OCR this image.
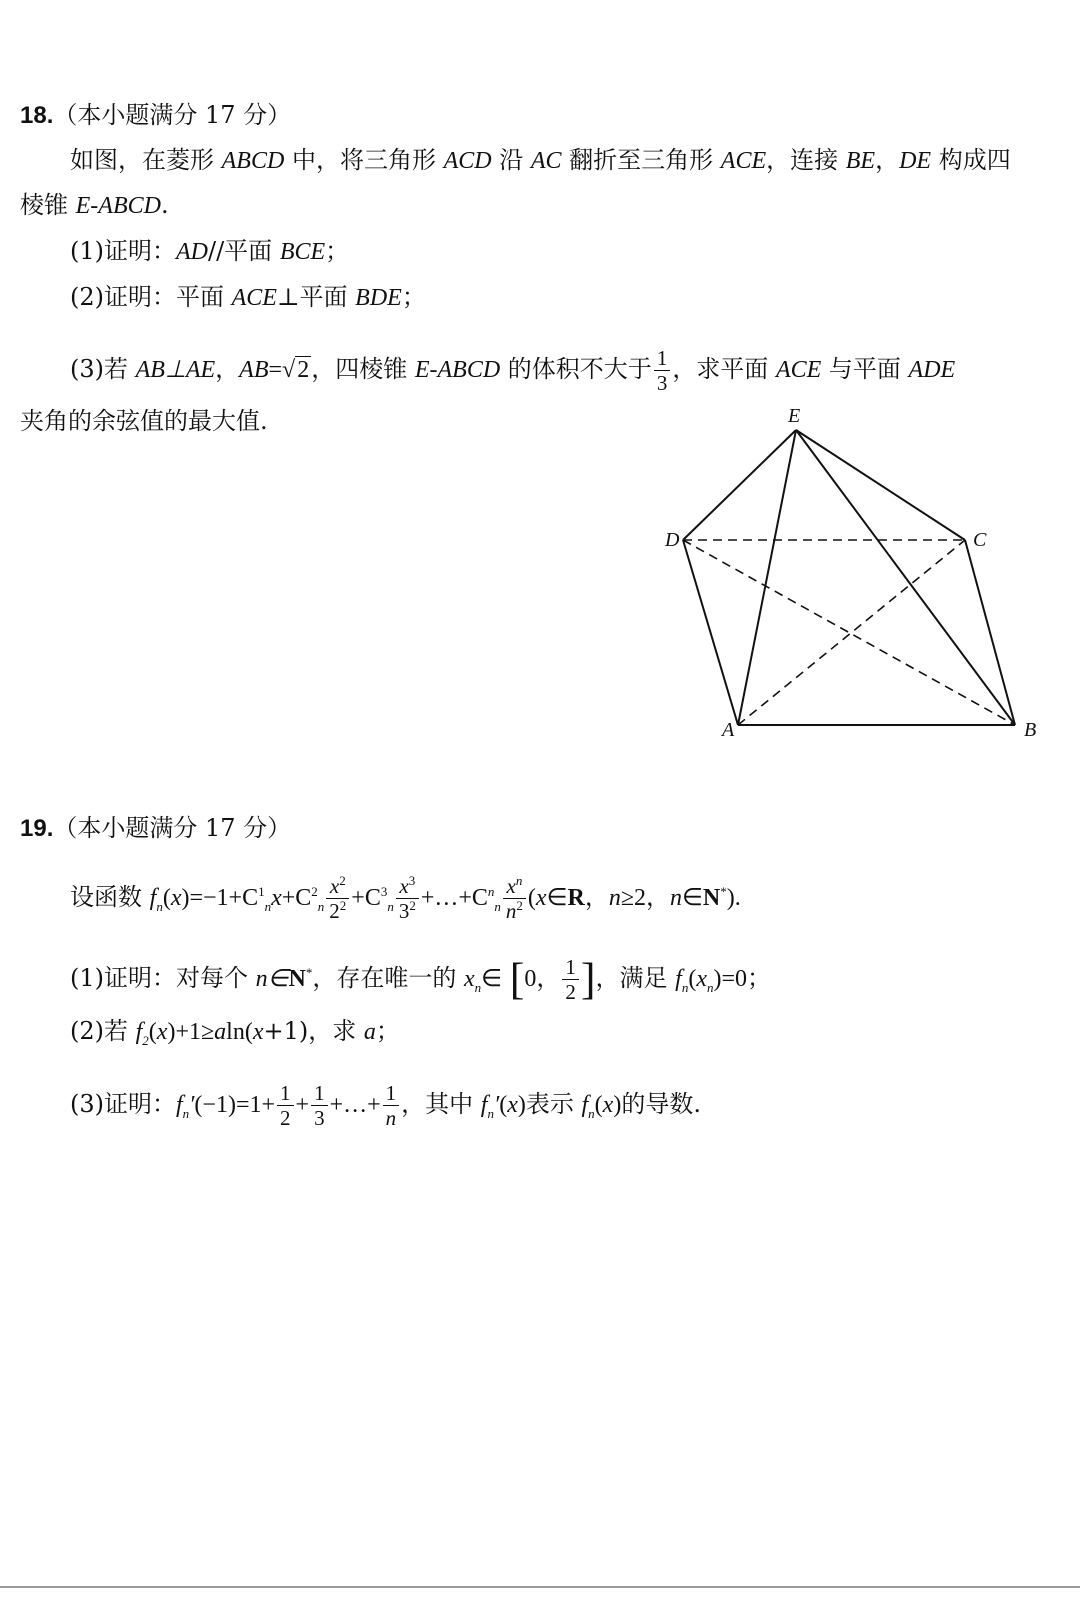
18.（本小题满分 17 分）
如图，在菱形 ABCD 中，将三角形 ACD 沿 AC 翻折至三角形 ACE，连接 BE，DE 构成四
棱锥 E-ABCD.
(1)证明：AD//平面 BCE；
(2)证明：平面 ACE⊥平面 BDE；
(3)若 AB⊥AE，AB=√2，四棱锥 E-ABCD 的体积不大于 $\frac{1}{3}$ ，求平面 ACE 与平面 ADE
夹角的余弦值的最大值.	E
D	C
A	B
19.（本小题满分 17 分）
设函数 $f_n(x)=-1+C^1_nx+C^2_n \frac{x^2}{2^2} +C^3_n \frac{x^3}{3^2}$ $+\dots+C^n_n \frac{x^n}{n^2}$ (x∈R，n≥2，n∈N*).
(1)证明：对每个 n∈N*，存在唯一的 $x_n\in$ [0， $\frac{1}{2}$ ]，满足 $f_n(x_n)=0$；
(2)若 $f_2(x)+1\ge aln(x+1)$，求 a；
(3)证明：$f_n'(-1)=1+ \frac{1}{2} + \frac{1}{3}$ +…+ $\frac{1}{n}$ ，其中 $f_n'(x)$表示 $f_n(x)$的导数.
